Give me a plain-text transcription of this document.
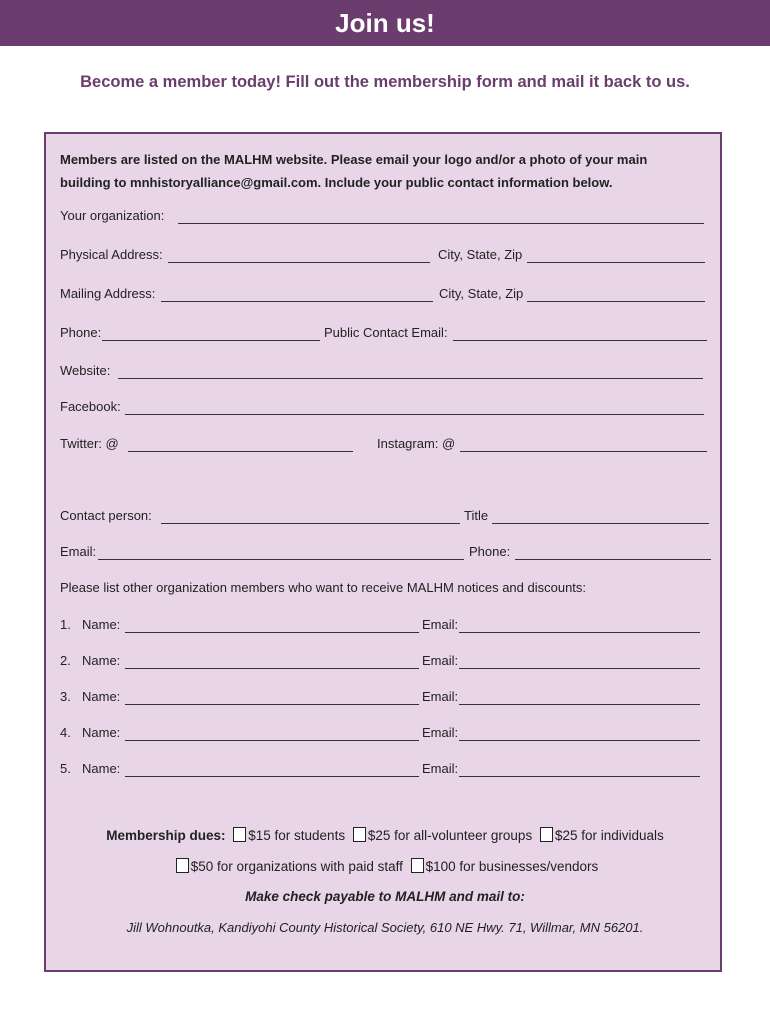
Join us!
Become a member today! Fill out the membership form and mail it back to us.
Members are listed on the MALHM website. Please email your logo and/or a photo of your main
building to mnhistoryalliance@gmail.com. Include your public contact information below.
Your organization:
Physical Address:	City, State, Zip
Mailing Address:	City, State, Zip
Phone:	Public Contact Email:
Website:
Facebook:
Twitter: @	Instagram: @
Contact person:	Title
Email:	Phone:
Please list other organization members who want to receive MALHM notices and discounts:
1. Name:	Email:
2. Name:	Email:
3. Name:	Email:
4. Name:	Email:
5. Name:	Email:
Membership dues: $15 for students $25 for all-volunteer groups $25 for individuals
$50 for organizations with paid staff $100 for businesses/vendors
Make check payable to MALHM and mail to:
Jill Wohnoutka, Kandiyohi County Historical Society, 610 NE Hwy. 71, Willmar, MN 56201.
